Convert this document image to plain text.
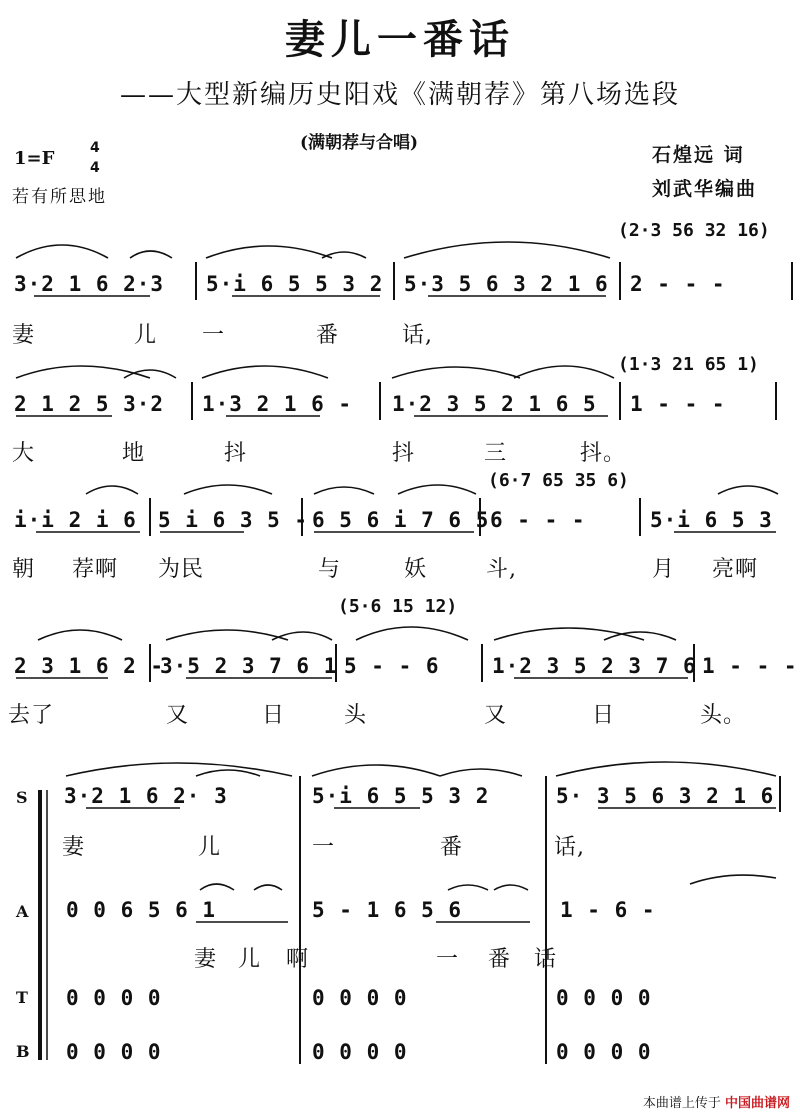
妻儿一番话
——大型新编历史阳戏《满朝荐》第八场选段
(满朝荐与合唱)
石煌远 词
刘武华编曲
1=F	4
4
若有所思地
(2·3 56 32 16)
3·2 1 6 2·3 5·i 6 5 5 3 2 5·3 5 6 3 2 1 6 2 - - -
妻	儿 一	番	话,
(1·3 21 65 1)
2 1 2 5 3·2 1·3 2 1 6 - 1·2 3 5 2 1 6 5 1 - - -
大	地	抖	抖	三	抖。
(6·7 65 35 6)
i·i 2 i 6 5 i 6 3 5 - 6 5 6 i 7 6 5 6 - - -	5·i 6 5 3
朝 荐啊 为民	与	妖	斗,	月 亮啊
(5·6 15 12)
2 3 1 6 2 -
3·5 2 3 7 6 1 5 - - 6 1·2 3 5 2 3 7 6 1 - - -
去了	又	日	头	又	日	头。
S
A
T
B
3·2 1 6 2· 3	5·i 6 5 5 3 2	5· 3 5 6 3 2 1 6
妻	儿	一	番	话,
0 0 6 5 6 1	5 - 1 6 5 6	1 - 6 -
妻 儿 啊	一 番 话
0 0 0 0	0 0 0 0	0 0 0 0
0 0 0 0	0 0 0 0	0 0 0 0
本曲谱上传于 中国曲谱网
